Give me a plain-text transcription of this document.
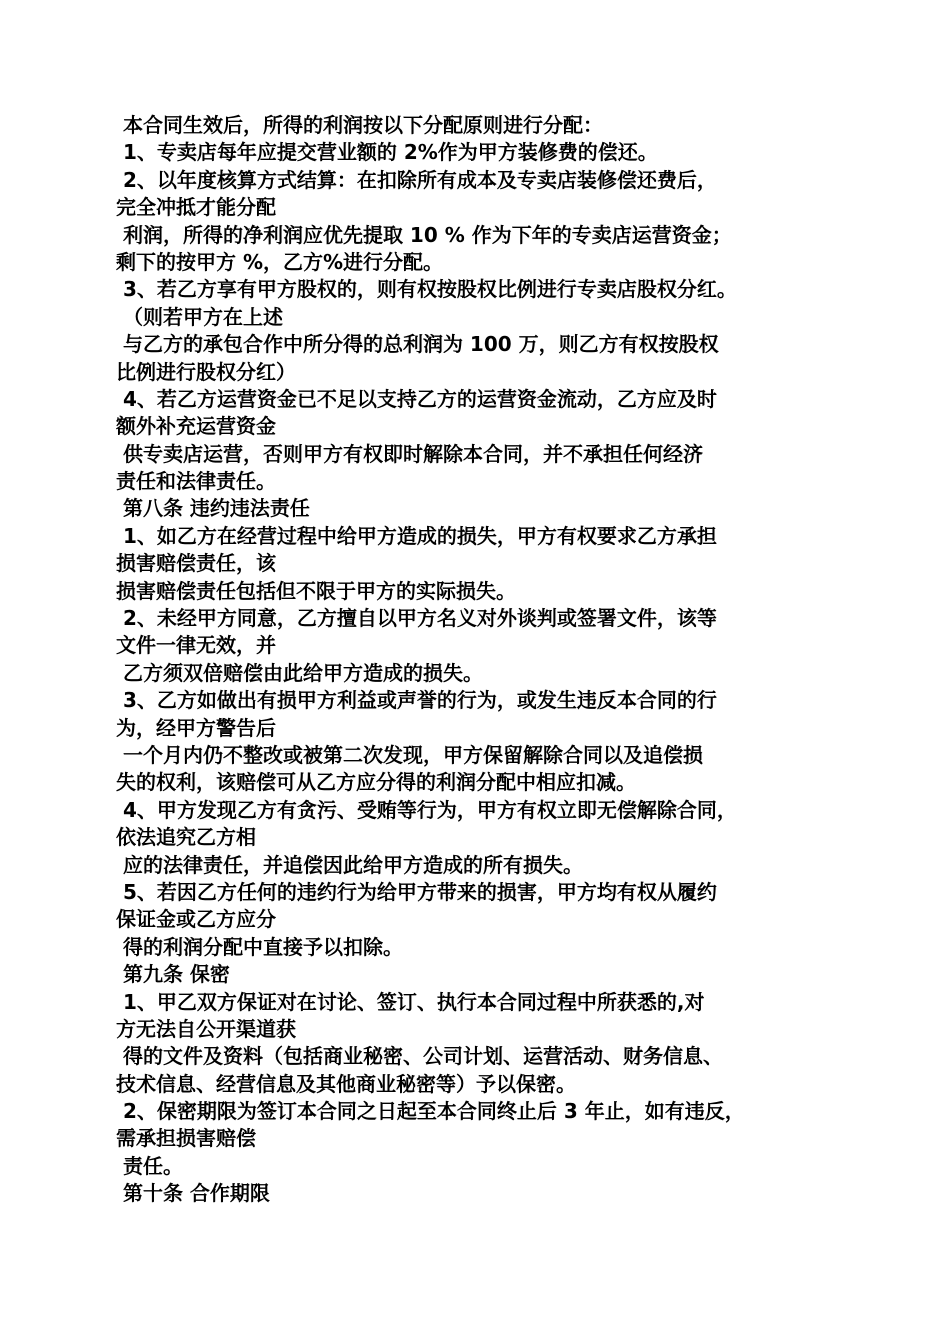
本合同生效后，所得的利润按以下分配原则进行分配：
1、专卖店每年应提交营业额的 2%作为甲方装修费的偿还。
2、以年度核算方式结算：在扣除所有成本及专卖店装修偿还费后，
完全冲抵才能分配
利润，所得的净利润应优先提取 10 % 作为下年的专卖店运营资金；
剩下的按甲方 %，乙方%进行分配。
3、若乙方享有甲方股权的，则有权按股权比例进行专卖店股权分红。
（则若甲方在上述
与乙方的承包合作中所分得的总利润为 100 万，则乙方有权按股权
比例进行股权分红）
4、若乙方运营资金已不足以支持乙方的运营资金流动，乙方应及时
额外补充运营资金
供专卖店运营，否则甲方有权即时解除本合同，并不承担任何经济
责任和法律责任。
第八条 违约违法责任
1、如乙方在经营过程中给甲方造成的损失，甲方有权要求乙方承担
损害赔偿责任，该
损害赔偿责任包括但不限于甲方的实际损失。
2、未经甲方同意，乙方擅自以甲方名义对外谈判或签署文件，该等
文件一律无效，并
乙方须双倍赔偿由此给甲方造成的损失。
3、乙方如做出有损甲方利益或声誉的行为，或发生违反本合同的行
为，经甲方警告后
一个月内仍不整改或被第二次发现，甲方保留解除合同以及追偿损
失的权利，该赔偿可从乙方应分得的利润分配中相应扣减。
4、甲方发现乙方有贪污、受贿等行为，甲方有权立即无偿解除合同，
依法追究乙方相
应的法律责任，并追偿因此给甲方造成的所有损失。
5、若因乙方任何的违约行为给甲方带来的损害，甲方均有权从履约
保证金或乙方应分
得的利润分配中直接予以扣除。
第九条 保密
1、甲乙双方保证对在讨论、签订、执行本合同过程中所获悉的,对
方无法自公开渠道获
得的文件及资料（包括商业秘密、公司计划、运营活动、财务信息、
技术信息、经营信息及其他商业秘密等）予以保密。
2、保密期限为签订本合同之日起至本合同终止后 3 年止，如有违反，
需承担损害赔偿
责任。
第十条 合作期限
